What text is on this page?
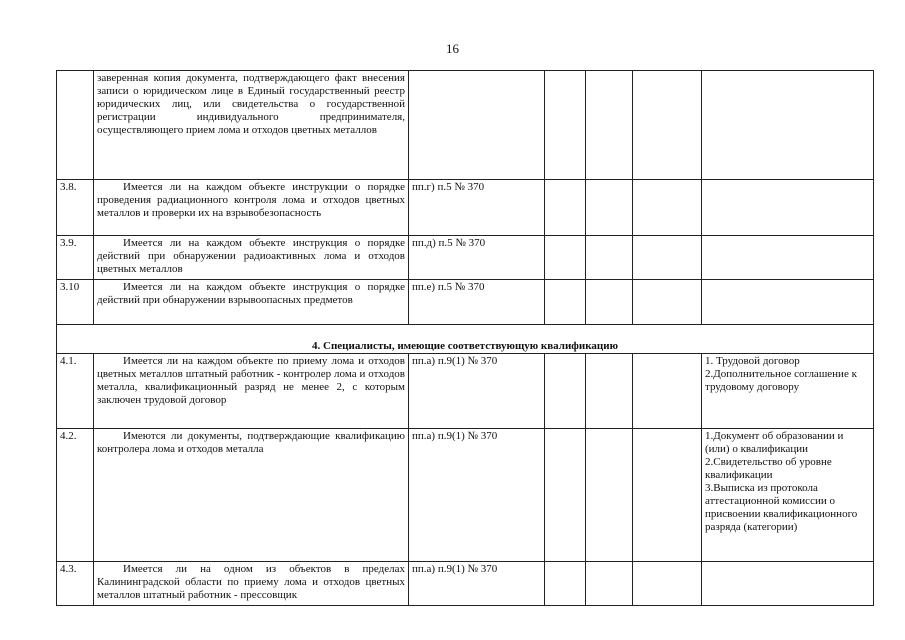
16
	заверенная копия документа, подтверждающего факт внесения записи о юридическом лице в Единый государственный реестр юридических лиц, или свидетельства о государственной регистрации индивидуального предпринимателя, осуществляющего прием лома и отходов цветных металлов					
3.8.	Имеется ли на каждом объекте инструкции о порядке проведения радиационного контроля лома и отходов цветных металлов и проверки их на взрывобезопасность	пп.г) п.5 № 370				
3.9.	Имеется ли на каждом объекте инструкция о порядке действий при обнаружении радиоактивных лома и отходов цветных металлов	пп.д) п.5 № 370				
3.10	Имеется ли на каждом объекте инструкция о порядке действий при обнаружении взрывоопасных предметов	пп.е) п.5 № 370				
4. Специалисты, имеющие соответствующую квалификацию						
4.1.	Имеется ли на каждом объекте по приему лома и отходов цветных металлов штатный работник - контролер лома и отходов металла, квалификационный разряд не менее 2, с которым заключен трудовой договор	пп.а) п.9(1) № 370				1. Трудовой договор
2.Дополнительное соглашение к трудовому договору
4.2.	Имеются ли документы, подтверждающие квалификацию контролера лома и отходов металла	пп.а) п.9(1) № 370				1.Документ об образовании и (или) о квалификации
2.Свидетельство об уровне квалификации
3.Выписка из протокола аттестационной комиссии о присвоении квалификационного разряда (категории)
4.3.	Имеется ли на одном из объектов в пределах Калининградской области по приему лома и отходов цветных металлов штатный работник - прессовщик	пп.а) п.9(1) № 370				
